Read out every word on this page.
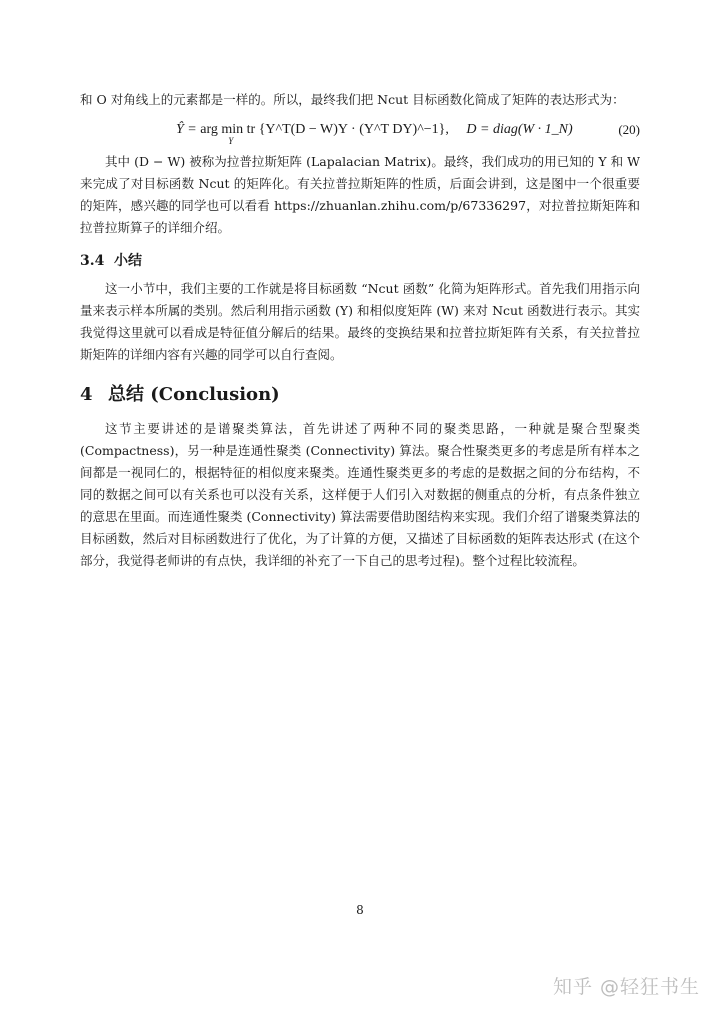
和 O 对角线上的元素都是一样的。所以，最终我们把 Ncut 目标函数化简成了矩阵的表达形式为：

Ŷ = arg min
Y
tr {Y^T(D − W)Y · (Y^T DY)^−1}, D = diag(W · 1_N)	(20)

其中 (D − W) 被称为拉普拉斯矩阵 (Lapalacian Matrix)。最终，我们成功的用已知的 Y 和 W 来完成了对目标函数 Ncut 的矩阵化。有关拉普拉斯矩阵的性质，后面会讲到，这是图中一个很重要的矩阵，感兴趣的同学也可以看看 https://zhuanlan.zhihu.com/p/67336297，对拉普拉斯矩阵和拉普拉斯算子的详细介绍。

3.4 小结

这一小节中，我们主要的工作就是将目标函数 “Ncut 函数” 化简为矩阵形式。首先我们用指示向量来表示样本所属的类别。然后利用指示函数 (Y) 和相似度矩阵 (W) 来对 Ncut 函数进行表示。其实我觉得这里就可以看成是特征值分解后的结果。最终的变换结果和拉普拉斯矩阵有关系，有关拉普拉斯矩阵的详细内容有兴趣的同学可以自行查阅。

4 总结 (Conclusion)

这节主要讲述的是谱聚类算法，首先讲述了两种不同的聚类思路，一种就是聚合型聚类 (Compactness)，另一种是连通性聚类 (Connectivity) 算法。聚合性聚类更多的考虑是所有样本之间都是一视同仁的，根据特征的相似度来聚类。连通性聚类更多的考虑的是数据之间的分布结构，不同的数据之间可以有关系也可以没有关系，这样便于人们引入对数据的侧重点的分析，有点条件独立的意思在里面。而连通性聚类 (Connectivity) 算法需要借助图结构来实现。我们介绍了谱聚类算法的目标函数，然后对目标函数进行了优化，为了计算的方便，又描述了目标函数的矩阵表达形式 (在这个部分，我觉得老师讲的有点快，我详细的补充了一下自己的思考过程)。整个过程比较流程。

8
知乎 @轻狂书生
